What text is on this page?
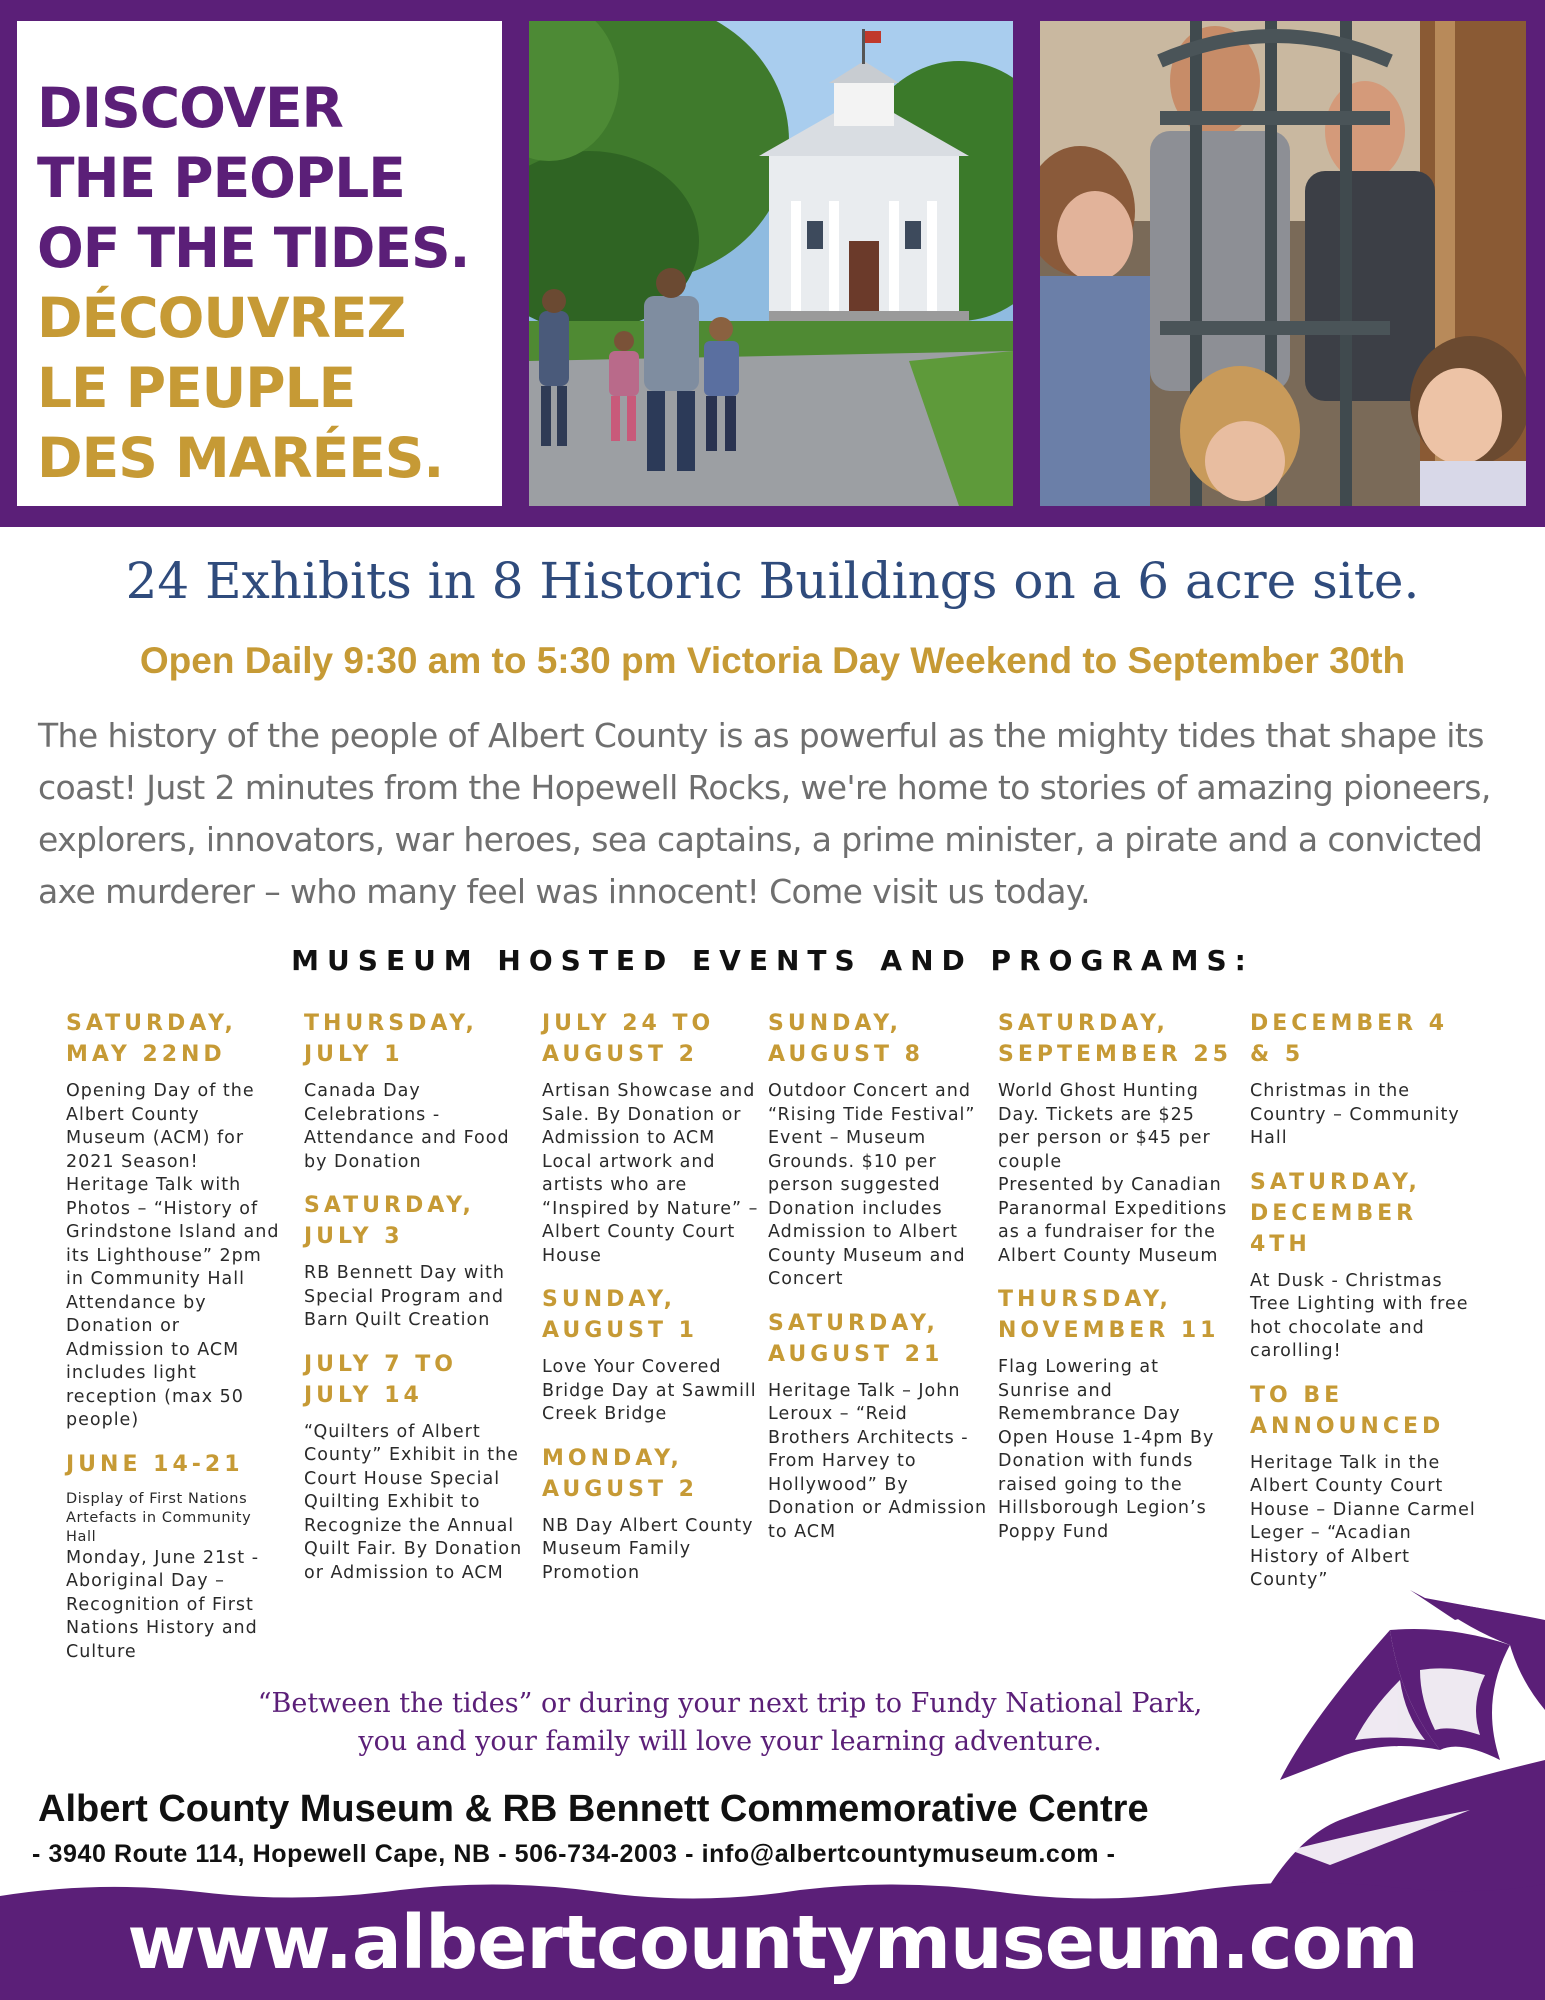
DISCOVER
THE PEOPLE
OF THE TIDES.
DÉCOUVREZ
LE PEUPLE
DES MARÉES.
24 Exhibits in 8 Historic Buildings on a 6 acre site.
Open Daily 9:30 am to 5:30 pm Victoria Day Weekend to September 30th
The history of the people of Albert County is as powerful as the mighty tides that shape its coast! Just 2 minutes from the Hopewell Rocks, we're home to stories of amazing pioneers, explorers, innovators, war heroes, sea captains, a prime minister, a pirate and a convicted axe murderer – who many feel was innocent! Come visit us today.
MUSEUM HOSTED EVENTS AND PROGRAMS:
SATURDAY, MAY 22ND
Opening Day of the Albert County Museum (ACM) for 2021 Season!
Heritage Talk with Photos – “History of Grindstone Island and its Lighthouse” 2pm in Community Hall
Attendance by Donation or Admission to ACM includes light reception (max 50 people)
JUNE 14-21
Display of First Nations Artefacts in Community Hall
Monday, June 21st - Aboriginal Day – Recognition of First Nations History and Culture
THURSDAY, JULY 1
Canada Day Celebrations - Attendance and Food by Donation
SATURDAY, JULY 3
RB Bennett Day with Special Program and Barn Quilt Creation
JULY 7 TO JULY 14
“Quilters of Albert County” Exhibit in the Court House Special Quilting Exhibit to Recognize the Annual Quilt Fair. By Donation or Admission to ACM
JULY 24 TO AUGUST 2
Artisan Showcase and Sale. By Donation or Admission to ACM Local artwork and artists who are “Inspired by Nature” – Albert County Court House
SUNDAY, AUGUST 1
Love Your Covered Bridge Day at Sawmill Creek Bridge
MONDAY, AUGUST 2
NB Day Albert County Museum Family Promotion
SUNDAY, AUGUST 8
Outdoor Concert and “Rising Tide Festival” Event – Museum Grounds. $10 per person suggested Donation includes Admission to Albert County Museum and Concert
SATURDAY, AUGUST 21
Heritage Talk – John Leroux – “Reid Brothers Architects - From Harvey to Hollywood” By Donation or Admission to ACM
SATURDAY, SEPTEMBER 25
World Ghost Hunting Day. Tickets are $25 per person or $45 per couple
Presented by Canadian Paranormal Expeditions as a fundraiser for the Albert County Museum
THURSDAY, NOVEMBER 11
Flag Lowering at Sunrise and Remembrance Day Open House 1-4pm By Donation with funds raised going to the Hillsborough Legion’s Poppy Fund
DECEMBER 4 & 5
Christmas in the Country – Community Hall
SATURDAY, DECEMBER 4TH
At Dusk - Christmas Tree Lighting with free hot chocolate and carolling!
TO BE ANNOUNCED
Heritage Talk in the Albert County Court House – Dianne Carmel Leger – “Acadian History of Albert County”
“Between the tides” or during your next trip to Fundy National Park,
you and your family will love your learning adventure.
Albert County Museum & RB Bennett Commemorative Centre
- 3940 Route 114, Hopewell Cape, NB - 506-734-2003 - info@albertcountymuseum.com -
www.albertcountymuseum.com
